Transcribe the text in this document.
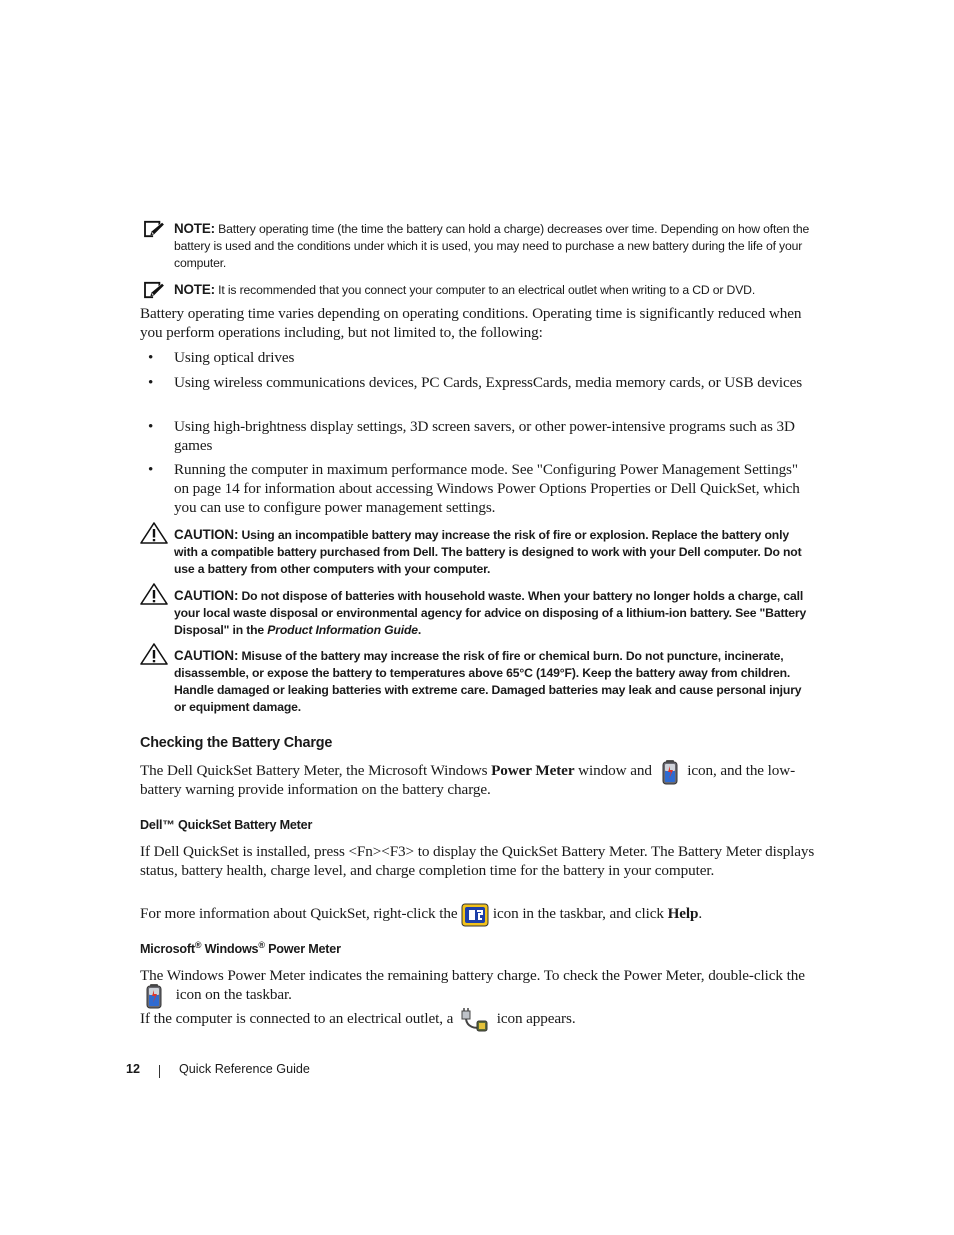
NOTE: Battery operating time (the time the battery can hold a charge) decreases over time. Depending on how often the battery is used and the conditions under which it is used, you may need to purchase a new battery during the life of your computer.
NOTE: It is recommended that you connect your computer to an electrical outlet when writing to a CD or DVD.
Battery operating time varies depending on operating conditions. Operating time is significantly reduced when you perform operations including, but not limited to, the following:
• Using optical drives
• Using wireless communications devices, PC Cards, ExpressCards, media memory cards, or USB devices
• Using high-brightness display settings, 3D screen savers, or other power-intensive programs such as 3D games
• Running the computer in maximum performance mode. See "Configuring Power Management Settings" on page 14 for information about accessing Windows Power Options Properties or Dell QuickSet, which you can use to configure power management settings.
CAUTION: Using an incompatible battery may increase the risk of fire or explosion. Replace the battery only with a compatible battery purchased from Dell. The battery is designed to work with your Dell computer. Do not use a battery from other computers with your computer.
CAUTION: Do not dispose of batteries with household waste. When your battery no longer holds a charge, call your local waste disposal or environmental agency for advice on disposing of a lithium-ion battery. See "Battery Disposal" in the Product Information Guide.
CAUTION: Misuse of the battery may increase the risk of fire or chemical burn. Do not puncture, incinerate, disassemble, or expose the battery to temperatures above 65°C (149°F). Keep the battery away from children. Handle damaged or leaking batteries with extreme care. Damaged batteries may leak and cause personal injury or equipment damage.
Checking the Battery Charge
The Dell QuickSet Battery Meter, the Microsoft Windows Power Meter window and  icon, and the low-battery warning provide information on the battery charge.
Dell™ QuickSet Battery Meter
If Dell QuickSet is installed, press <Fn><F3> to display the QuickSet Battery Meter. The Battery Meter displays status, battery health, charge level, and charge completion time for the battery in your computer.
For more information about QuickSet, right-click the  icon in the taskbar, and click Help.
Microsoft® Windows® Power Meter
The Windows Power Meter indicates the remaining battery charge. To check the Power Meter, double-click the  icon on the taskbar.
If the computer is connected to an electrical outlet, a  icon appears.
12	Quick Reference Guide
